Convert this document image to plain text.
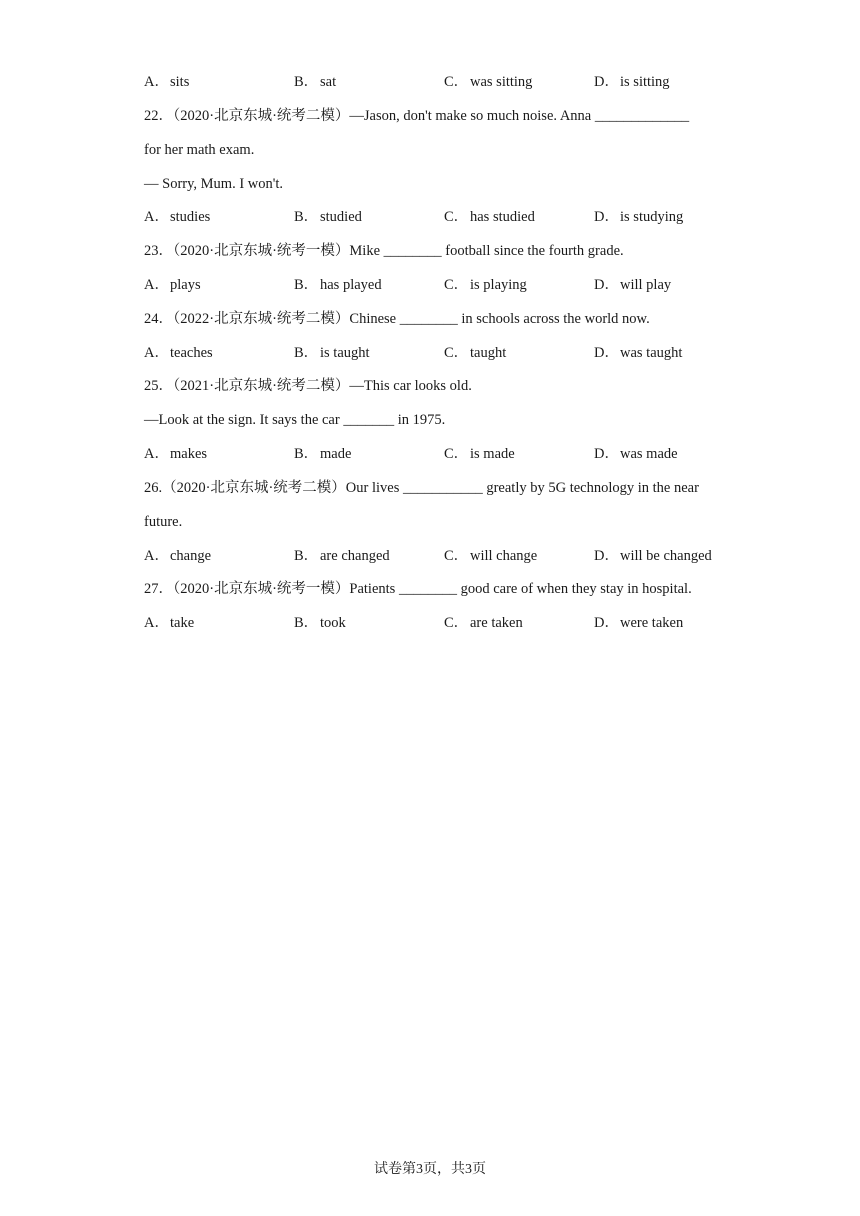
A．sits	B． sat	C． was sitting	D．is sitting
22．（2020·北京东城·统考二模）—Jason, don't make so much noise. Anna _____________
for her math exam.
— Sorry, Mum. I won't.
A．studies	B． studied	C． has studied	D．is studying
23．（2020·北京东城·统考一模）Mike ________ football since the fourth grade.
A．plays	B． has played	C． is playing	D．will play
24．（2022·北京东城·统考二模）Chinese ________ in schools across the world now.
A．teaches	B． is taught	C． taught	D．was taught
25．（2021·北京东城·统考二模）—This car looks old.
—Look at the sign. It says the car _______ in 1975.
A．makes	B． made	C． is made	D．was made
26.（2020·北京东城·统考二模）Our lives ___________ greatly by 5G technology in the near
future.
A．change	B． are changed	C． will change	D．will be changed
27．（2020·北京东城·统考一模）Patients ________ good care of when they stay in hospital.
A．take	B． took	C． are taken	D．were taken
试卷第3页，共3页
